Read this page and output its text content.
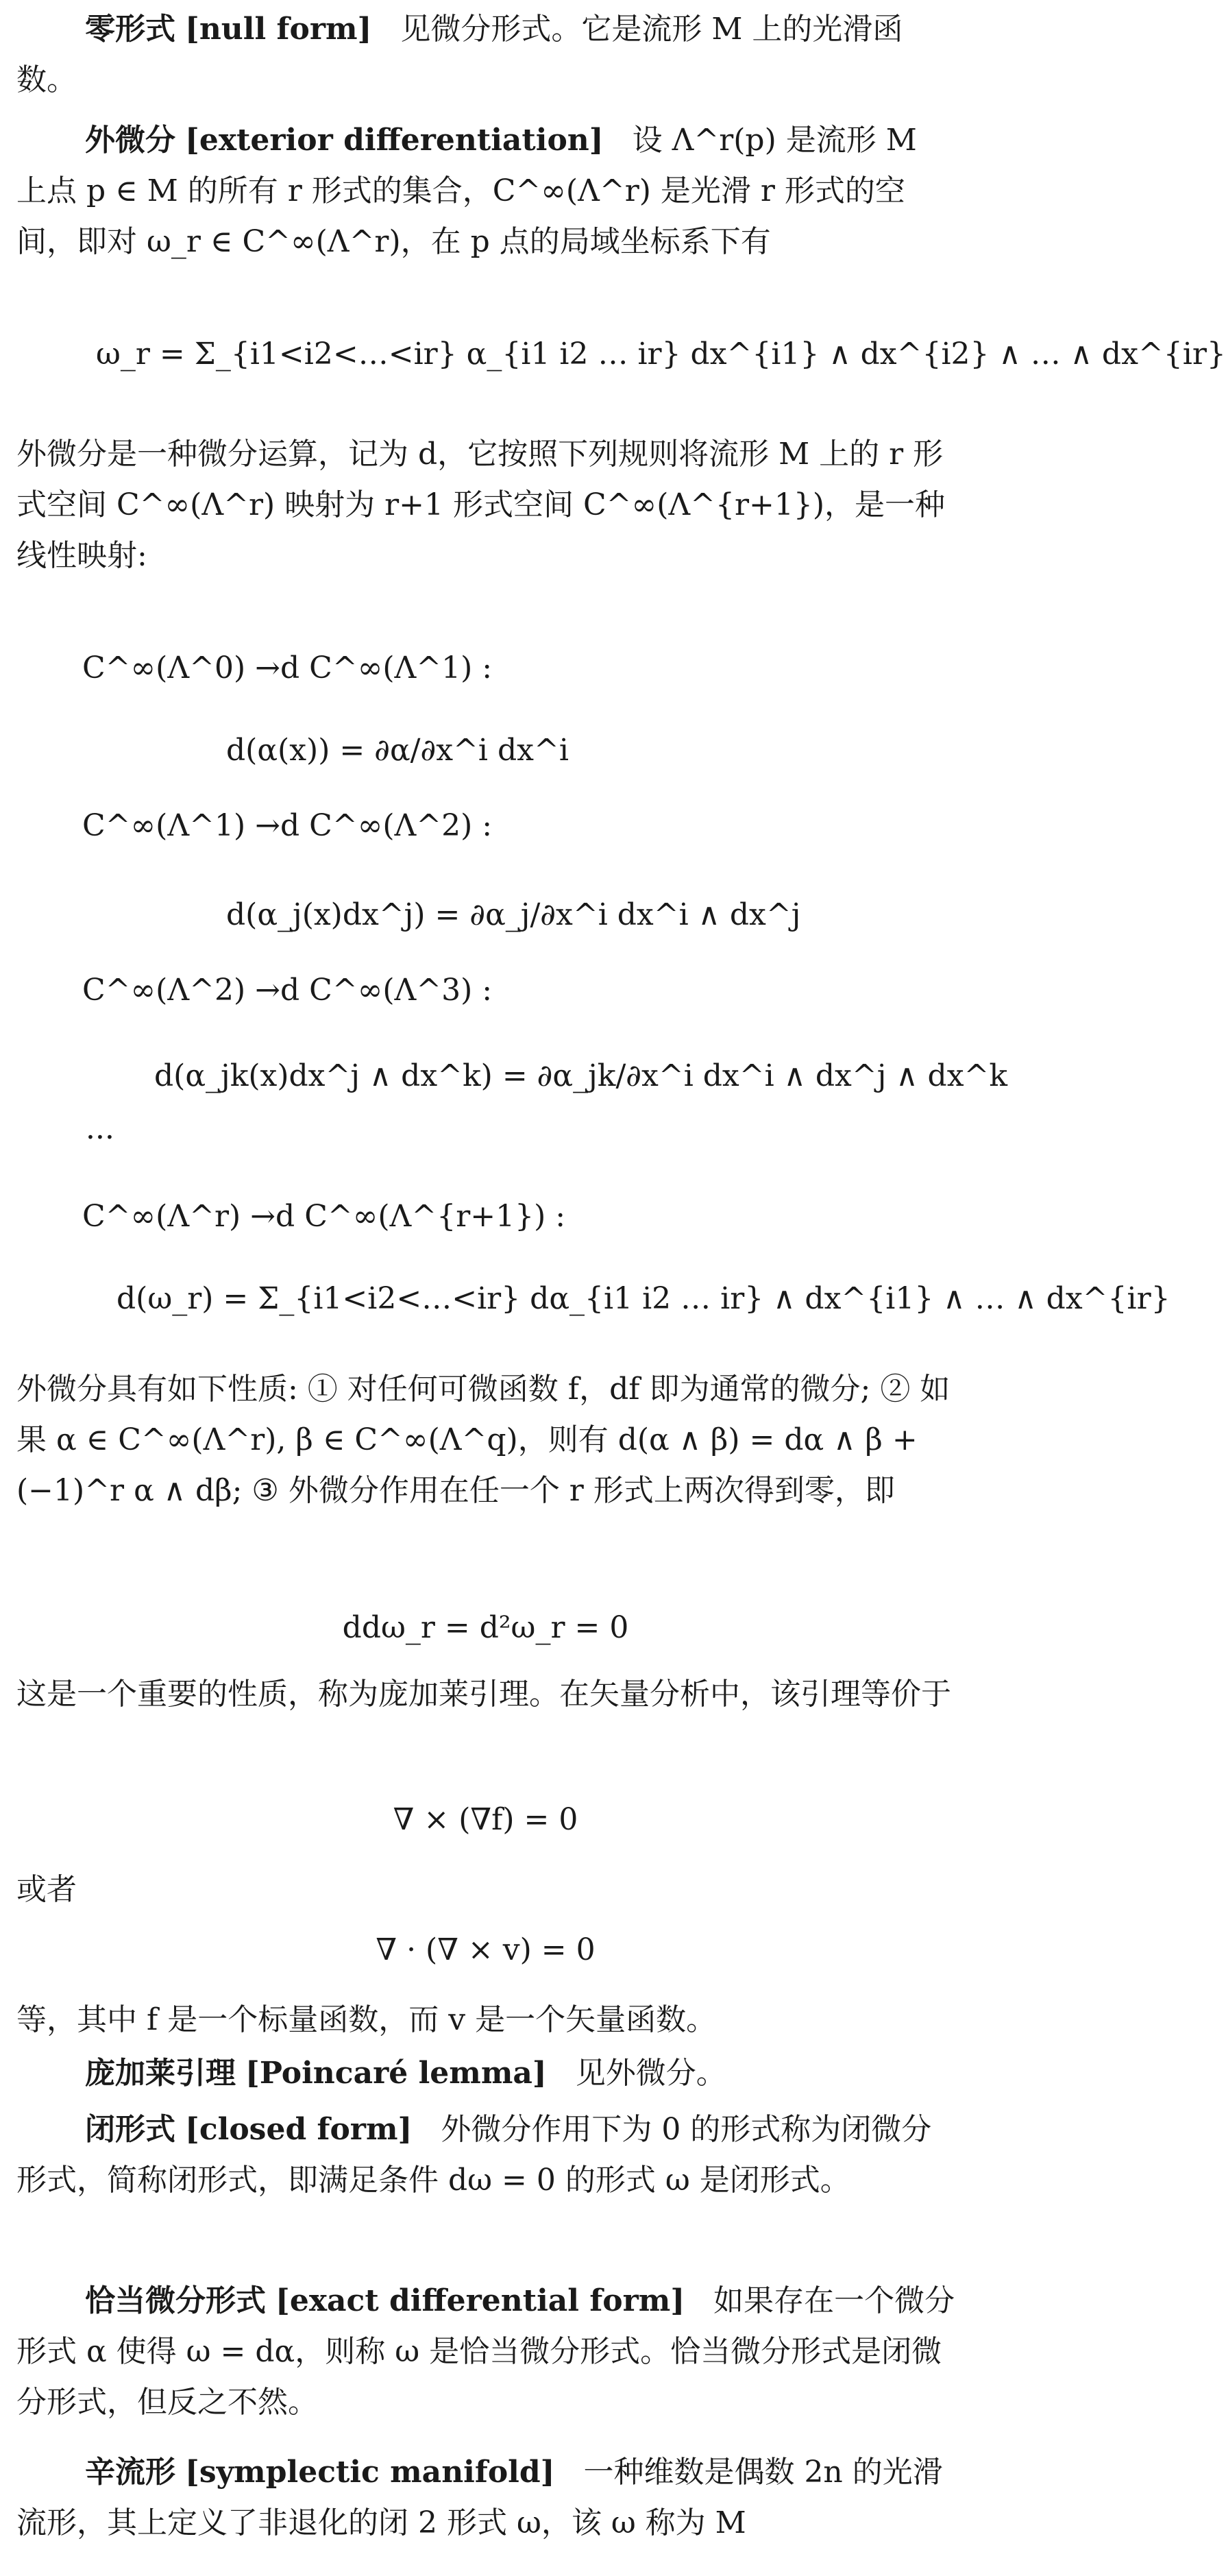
零形式 [null form] 见微分形式。它是流形 M 上的光滑函数。
外微分 [exterior differentiation] 设 Λ^r(p) 是流形 M 上点 p ∈ M 的所有 r 形式的集合，C^∞(Λ^r) 是光滑 r 形式的空间，即对 ω_r ∈ C^∞(Λ^r)，在 p 点的局域坐标系下有
ω_r = Σ_{i1<i2<…<ir} α_{i1 i2 … ir} dx^{i1} ∧ dx^{i2} ∧ … ∧ dx^{ir}
外微分是一种微分运算，记为 d，它按照下列规则将流形 M 上的 r 形式空间 C^∞(Λ^r) 映射为 r+1 形式空间 C^∞(Λ^{r+1})，是一种线性映射:
C^∞(Λ^0) →d C^∞(Λ^1) :
d(α(x)) = ∂α/∂x^i dx^i
C^∞(Λ^1) →d C^∞(Λ^2) :
d(α_j(x)dx^j) = ∂α_j/∂x^i dx^i ∧ dx^j
C^∞(Λ^2) →d C^∞(Λ^3) :
d(α_jk(x)dx^j ∧ dx^k) = ∂α_jk/∂x^i dx^i ∧ dx^j ∧ dx^k
···
C^∞(Λ^r) →d C^∞(Λ^{r+1}) :
d(ω_r) = Σ_{i1<i2<…<ir} dα_{i1 i2 … ir} ∧ dx^{i1} ∧ … ∧ dx^{ir}
外微分具有如下性质: ① 对任何可微函数 f，df 即为通常的微分; ② 如果 α ∈ C^∞(Λ^r), β ∈ C^∞(Λ^q)，则有 d(α ∧ β) = dα ∧ β + (−1)^r α ∧ dβ; ③ 外微分作用在任一个 r 形式上两次得到零，即
ddω_r = d²ω_r = 0
这是一个重要的性质，称为庞加莱引理。在矢量分析中，该引理等价于
∇ × (∇f) = 0
或者
∇ · (∇ × v) = 0
等，其中 f 是一个标量函数，而 v 是一个矢量函数。
庞加莱引理 [Poincaré lemma] 见外微分。
闭形式 [closed form] 外微分作用下为 0 的形式称为闭微分形式，简称闭形式，即满足条件 dω = 0 的形式 ω 是闭形式。
恰当微分形式 [exact differential form] 如果存在一个微分形式 α 使得 ω = dα，则称 ω 是恰当微分形式。恰当微分形式是闭微分形式，但反之不然。
辛流形 [symplectic manifold] 一种维数是偶数 2n 的光滑流形，其上定义了非退化的闭 2 形式 ω，该 ω 称为 M
